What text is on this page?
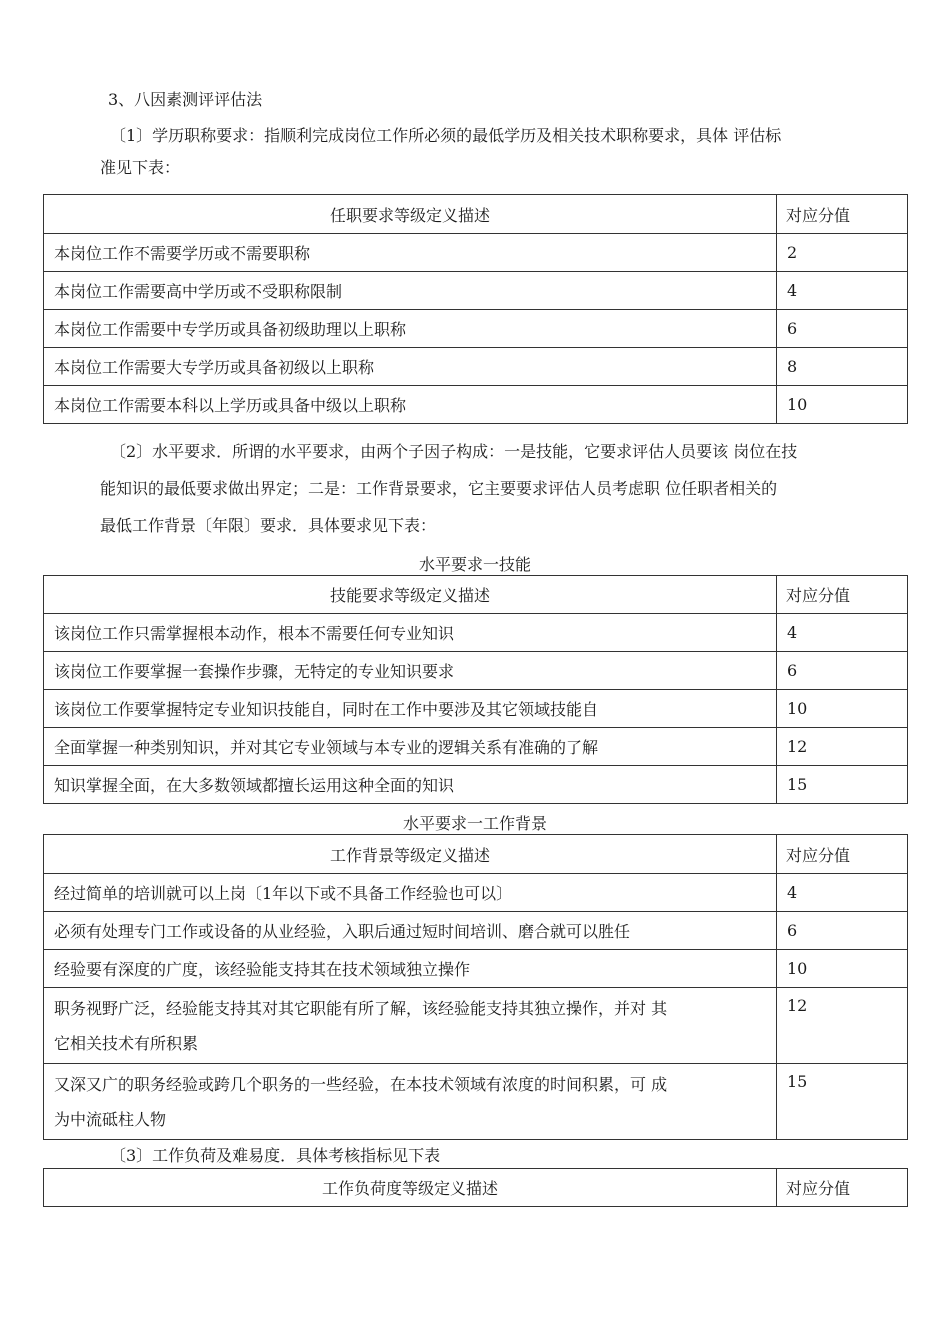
3、八因素测评评估法
〔1〕学历职称要求：指顺利完成岗位工作所必须的最低学历及相关技术职称要求，具体 评估标
准见下表：
任职要求等级定义描述	对应分值
本岗位工作不需要学历或不需要职称	2
本岗位工作需要高中学历或不受职称限制	4
本岗位工作需要中专学历或具备初级助理以上职称	6
本岗位工作需要大专学历或具备初级以上职称	8
本岗位工作需要本科以上学历或具备中级以上职称	10
〔2〕水平要求．所谓的水平要求，由两个子因子构成：一是技能，它要求评估人员要该 岗位在技
能知识的最低要求做出界定；二是：工作背景要求，它主要要求评估人员考虑职 位任职者相关的
最低工作背景〔年限〕要求．具体要求见下表：
水平要求一技能
技能要求等级定义描述	对应分值
该岗位工作只需掌握根本动作，根本不需要任何专业知识	4
该岗位工作要掌握一套操作步骤，无特定的专业知识要求	6
该岗位工作要掌握特定专业知识技能自，同时在工作中要涉及其它领域技能自	10
全面掌握一种类别知识，并对其它专业领域与本专业的逻辑关系有准确的了解	12
知识掌握全面，在大多数领域都擅长运用这种全面的知识	15
水平要求一工作背景
工作背景等级定义描述	对应分值
经过简单的培训就可以上岗〔1年以下或不具备工作经验也可以〕	4
必须有处理专门工作或设备的从业经验，入职后通过短时间培训、磨合就可以胜任	6
经验要有深度的广度，该经验能支持其在技术领域独立操作	10

职务视野广泛，经验能支持其对其它职能有所了解，该经验能支持其独立操作，并对 其
它相关技术有所积累	12

又深又广的职务经验或跨几个职务的一些经验，在本技术领域有浓度的时间积累，可 成
为中流砥柱人物	15
〔3〕工作负荷及难易度．具体考核指标见下表
工作负荷度等级定义描述	对应分值
